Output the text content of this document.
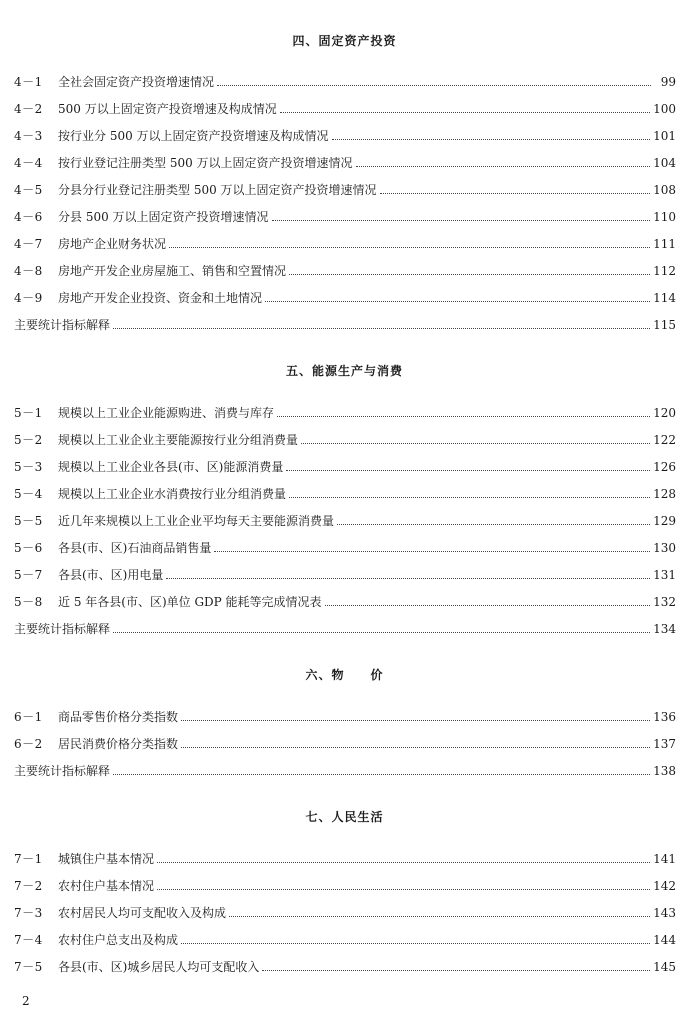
四、固定资产投资
4－1	全社会固定资产投资增速情况	99
4－2	500 万以上固定资产投资增速及构成情况	100
4－3	按行业分 500 万以上固定资产投资增速及构成情况	101
4－4	按行业登记注册类型 500 万以上固定资产投资增速情况	104
4－5	分县分行业登记注册类型 500 万以上固定资产投资增速情况	108
4－6	分县 500 万以上固定资产投资增速情况	110
4－7	房地产企业财务状况	111
4－8	房地产开发企业房屋施工、销售和空置情况	112
4－9	房地产开发企业投资、资金和土地情况	114
主要统计指标解释	115
五、能源生产与消费
5－1	规模以上工业企业能源购进、消费与库存	120
5－2	规模以上工业企业主要能源按行业分组消费量	122
5－3	规模以上工业企业各县(市、区)能源消费量	126
5－4	规模以上工业企业水消费按行业分组消费量	128
5－5	近几年来规模以上工业企业平均每天主要能源消费量	129
5－6	各县(市、区)石油商品销售量	130
5－7	各县(市、区)用电量	131
5－8	近 5 年各县(市、区)单位 GDP 能耗等完成情况表	132
主要统计指标解释	134
六、物　　价
6－1	商品零售价格分类指数	136
6－2	居民消费价格分类指数	137
主要统计指标解释	138
七、人民生活
7－1	城镇住户基本情况	141
7－2	农村住户基本情况	142
7－3	农村居民人均可支配收入及构成	143
7－4	农村住户总支出及构成	144
7－5	各县(市、区)城乡居民人均可支配收入	145
2
